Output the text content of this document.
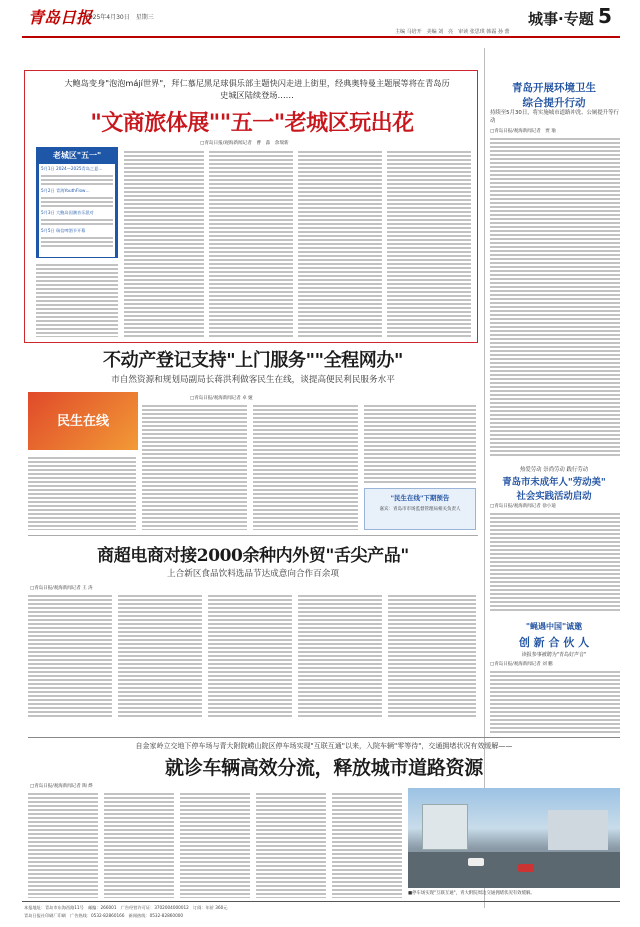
青岛日报
2025年4月30日　星期三	城事·专题 5
主编 马培开　美编 刘　亮　审读 张思琪 韩霜 孙 蕾
大鲍岛变身"泡泡májí世界"，拜仁慕尼黑足球俱乐部主题快闪走进上街里，经典奥特曼主题展等将在青岛历史城区陆续登场……
"文商旅体展""五一"老城区玩出花
□青岛日报/观海新闻记者　曹　淼　余瑞新
老城区"五一"
5月1日 2024—2025青岛之夏…
5月2日 青海YouthFlow…
5月3日 大鲍岛国潮音乐派对
5月5日 瑞信啤酒节开幕
青岛开展环境卫生
综合提升行动
持续至5月30日，将实施城市道路冲洗、公厕提升等行动
□青岛日报/观海新闻记者　贾 瑜
不动产登记支持"上门服务""全程网办"
市自然资源和规划局副局长蒋洪利做客民生在线，谈提高便民利民服务水平
民生在线
□青岛日报/观海新闻记者 卓 娅
"民生在线"下期预告
嘉宾：青岛市市场监督管理局相关负责人
热爱劳动 崇尚劳动 践行劳动
青岛市未成年人"劳动美"
社会实践活动启动
□青岛日报/观海新闻记者 徐小迪
商超电商对接2000余种内外贸"舌尖产品"
上合新区食品饮料选品节达成意向合作百余项
□青岛日报/观海新闻记者 王 涛
"蝇遇中国"诚邀
创 新 合 伙 人
读报参事被聘为"青岛好声音"
□青岛日报/观海新闻记者 刘 鹏
自金家岭立交地下停车场与青大附院崂山院区停车场实现"互联互通"以来，入院车辆"零等待"，交通拥堵状况有效缓解——
就诊车辆高效分流，释放城市道路资源
□青岛日报/观海新闻记者 陶 烨
■停车场实现"互联互通"，青大附院周边交通拥堵状况有效缓解。
本报地址：青岛市东海西路11号　邮编：266001　广告经营许可证：3702004000012　订阅：年价 360元
青岛日报社印刷厂印刷　广告热线：0532-82860166　新闻热线：0532-82860000
